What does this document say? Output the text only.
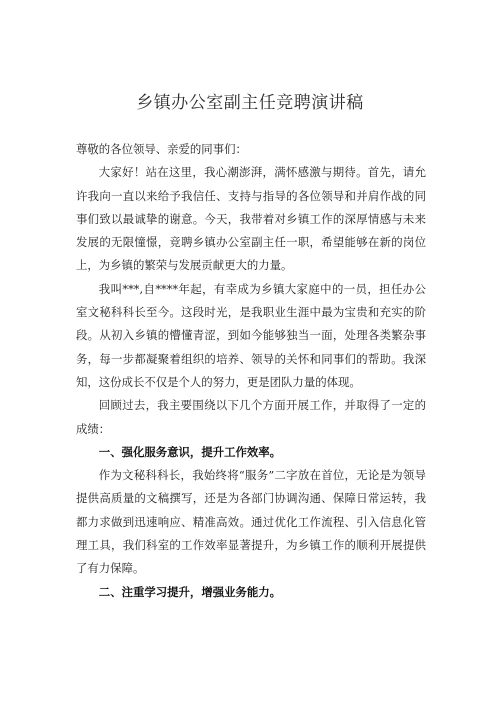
乡镇办公室副主任竞聘演讲稿

尊敬的各位领导、亲爱的同事们：

大家好！站在这里，我心潮澎湃，满怀感激与期待。首先，请允许我向一直以来给予我信任、支持与指导的各位领导和并肩作战的同事们致以最诚挚的谢意。今天，我带着对乡镇工作的深厚情感与未来发展的无限憧憬，竞聘乡镇办公室副主任一职，希望能够在新的岗位上，为乡镇的繁荣与发展贡献更大的力量。

我叫***,自****年起，有幸成为乡镇大家庭中的一员，担任办公室文秘科科长至今。这段时光，是我职业生涯中最为宝贵和充实的阶段。从初入乡镇的懵懂青涩，到如今能够独当一面，处理各类繁杂事务，每一步都凝聚着组织的培养、领导的关怀和同事们的帮助。我深知，这份成长不仅是个人的努力，更是团队力量的体现。

回顾过去，我主要围绕以下几个方面开展工作，并取得了一定的成绩：

一、强化服务意识，提升工作效率。

作为文秘科科长，我始终将“服务”二字放在首位，无论是为领导提供高质量的文稿撰写，还是为各部门协调沟通、保障日常运转，我都力求做到迅速响应、精准高效。通过优化工作流程、引入信息化管理工具，我们科室的工作效率显著提升，为乡镇工作的顺利开展提供了有力保障。

二、注重学习提升，增强业务能力。
